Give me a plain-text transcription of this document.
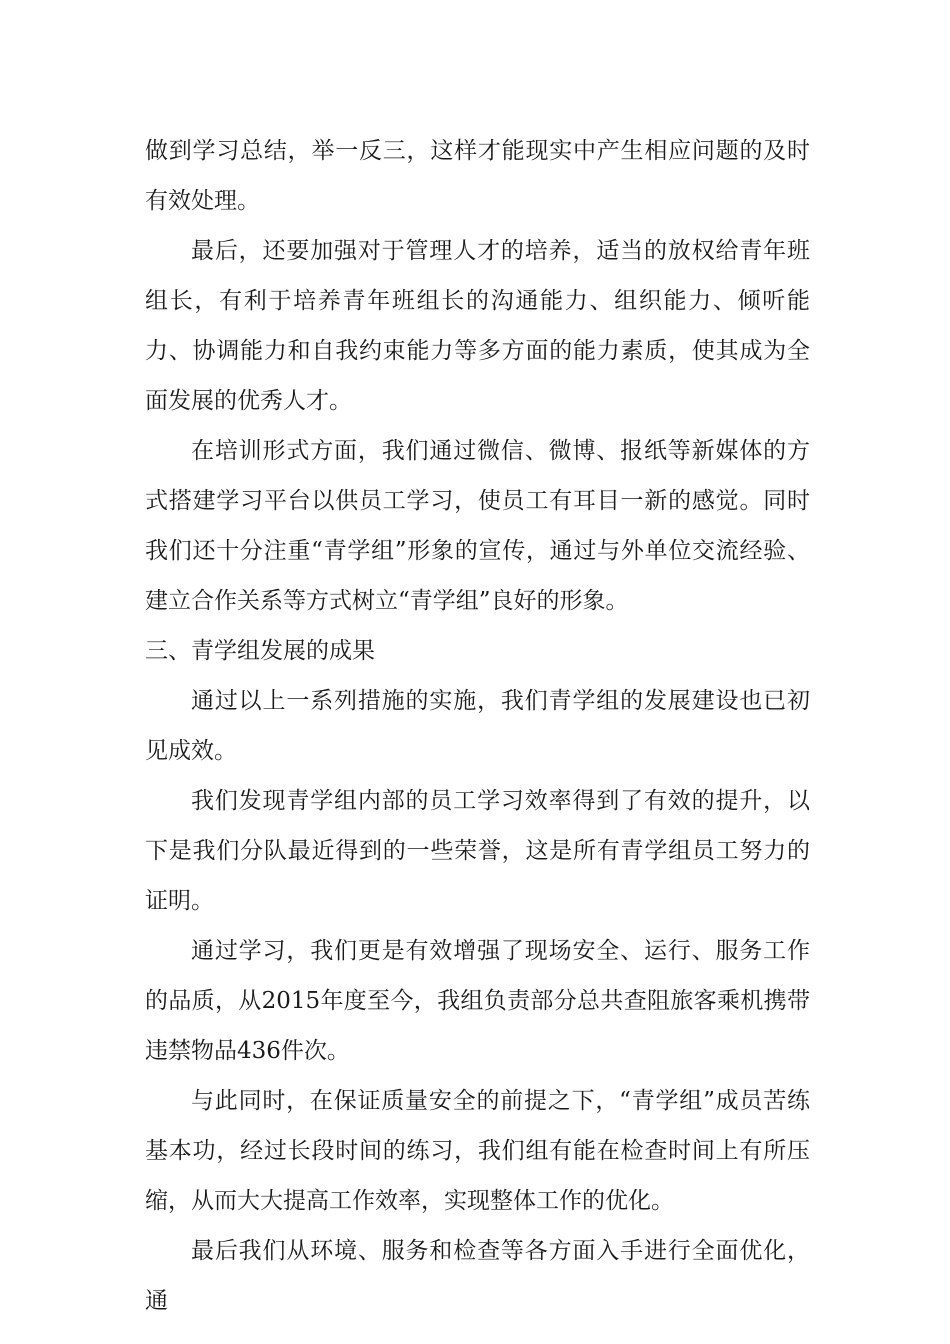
做到学习总结，举一反三，这样才能现实中产生相应问题的及时有效处理。

最后，还要加强对于管理人才的培养，适当的放权给青年班组长，有利于培养青年班组长的沟通能力、组织能力、倾听能力、协调能力和自我约束能力等多方面的能力素质，使其成为全面发展的优秀人才。

在培训形式方面，我们通过微信、微博、报纸等新媒体的方式搭建学习平台以供员工学习，使员工有耳目一新的感觉。同时我们还十分注重“青学组”形象的宣传，通过与外单位交流经验、建立合作关系等方式树立“青学组”良好的形象。

三、青学组发展的成果

通过以上一系列措施的实施，我们青学组的发展建设也已初见成效。

我们发现青学组内部的员工学习效率得到了有效的提升，以下是我们分队最近得到的一些荣誉，这是所有青学组员工努力的证明。

通过学习，我们更是有效增强了现场安全、运行、服务工作的品质，从2015年度至今，我组负责部分总共查阻旅客乘机携带违禁物品436件次。

与此同时，在保证质量安全的前提之下，“青学组”成员苦练基本功，经过长段时间的练习，我们组有能在检查时间上有所压缩，从而大大提高工作效率，实现整体工作的优化。

最后我们从环境、服务和检查等各方面入手进行全面优化，通
